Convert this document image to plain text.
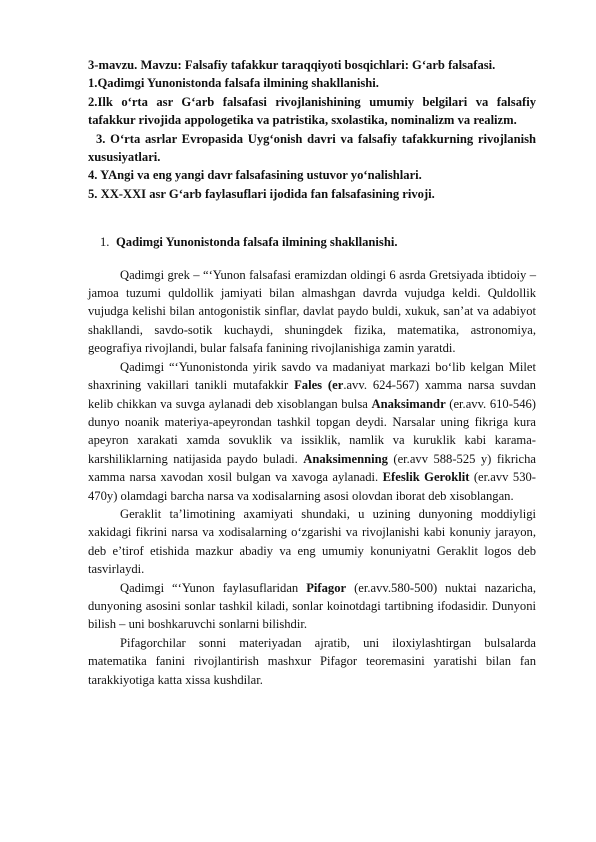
3-mavzu. Mavzu: Falsafiy tafakkur taraqqiyoti bosqichlari: G‘arb falsafasi.

1.Qadimgi Yunonistonda falsafa ilmining shakllanishi.

2.Ilk o‘rta asr G‘arb falsafasi rivojlanishining umumiy belgilari va falsafiy tafakkur rivojida appologetika va patristika, sxolastika, nominalizm va realizm.

3. O‘rta asrlar Evropasida Uyg‘onish davri va falsafiy tafakkurning rivojlanish xususiyatlari.

4. YAngi va eng yangi davr falsafasining ustuvor yo‘nalishlari.

5. XX-XXI asr G‘arb faylasuflari ijodida fan falsafasining rivoji.

1. Qadimgi Yunonistonda falsafa ilmining shakllanishi.

Qadimgi grek – “‘Yunon falsafasi eramizdan oldingi 6 asrda Gretsiyada ibtidoiy – jamoa tuzumi quldollik jamiyati bilan almashgan davrda vujudga keldi. Quldollik vujudga kelishi bilan antogonistik sinflar, davlat paydo buldi, xukuk, san’at va adabiyot shakllandi, savdo-sotik kuchaydi, shuningdek fizika, matematika, astronomiya, geografiya rivojlandi, bular falsafa fanining rivojlanishiga zamin yaratdi.

Qadimgi “‘Yunonistonda yirik savdo va madaniyat markazi bo‘lib kelgan Milet shaxrining vakillari tanikli mutafakkir Fales (er.avv. 624-567) xamma narsa suvdan kelib chikkan va suvga aylanadi deb xisoblangan bulsa Anaksimandr (er.avv. 610-546) dunyo noanik materiya-apeyrondan tashkil topgan deydi. Narsalar uning fikriga kura apeyron xarakati xamda sovuklik va issiklik, namlik va kuruklik kabi karama- karshiliklarning natijasida paydo buladi. Anaksimenning (er.avv 588-525 y) fikricha xamma narsa xavodan xosil bulgan va xavoga aylanadi. Efeslik Geroklit (er.avv 530-470y) olamdagi barcha narsa va xodisalarning asosi olovdan iborat deb xisoblangan.

Geraklit ta’limotining axamiyati shundaki, u uzining dunyoning moddiyligi xakidagi fikrini narsa va xodisalarning o‘zgarishi va rivojlanishi kabi konuniy jarayon, deb e’tirof etishida mazkur abadiy va eng umumiy konuniyatni Geraklit logos deb tasvirlaydi.

Qadimgi “‘Yunon faylasuflaridan Pifagor (er.avv.580-500) nuktai nazaricha, dunyoning asosini sonlar tashkil kiladi, sonlar koinotdagi tartibning ifodasidir. Dunyoni bilish – uni boshkaruvchi sonlarni bilishdir.

Pifagorchilar sonni materiyadan ajratib, uni iloxiylashtirgan bulsalarda matematika fanini rivojlantirish mashxur Pifagor teoremasini yaratishi bilan fan tarakkiyotiga katta xissa kushdilar.
